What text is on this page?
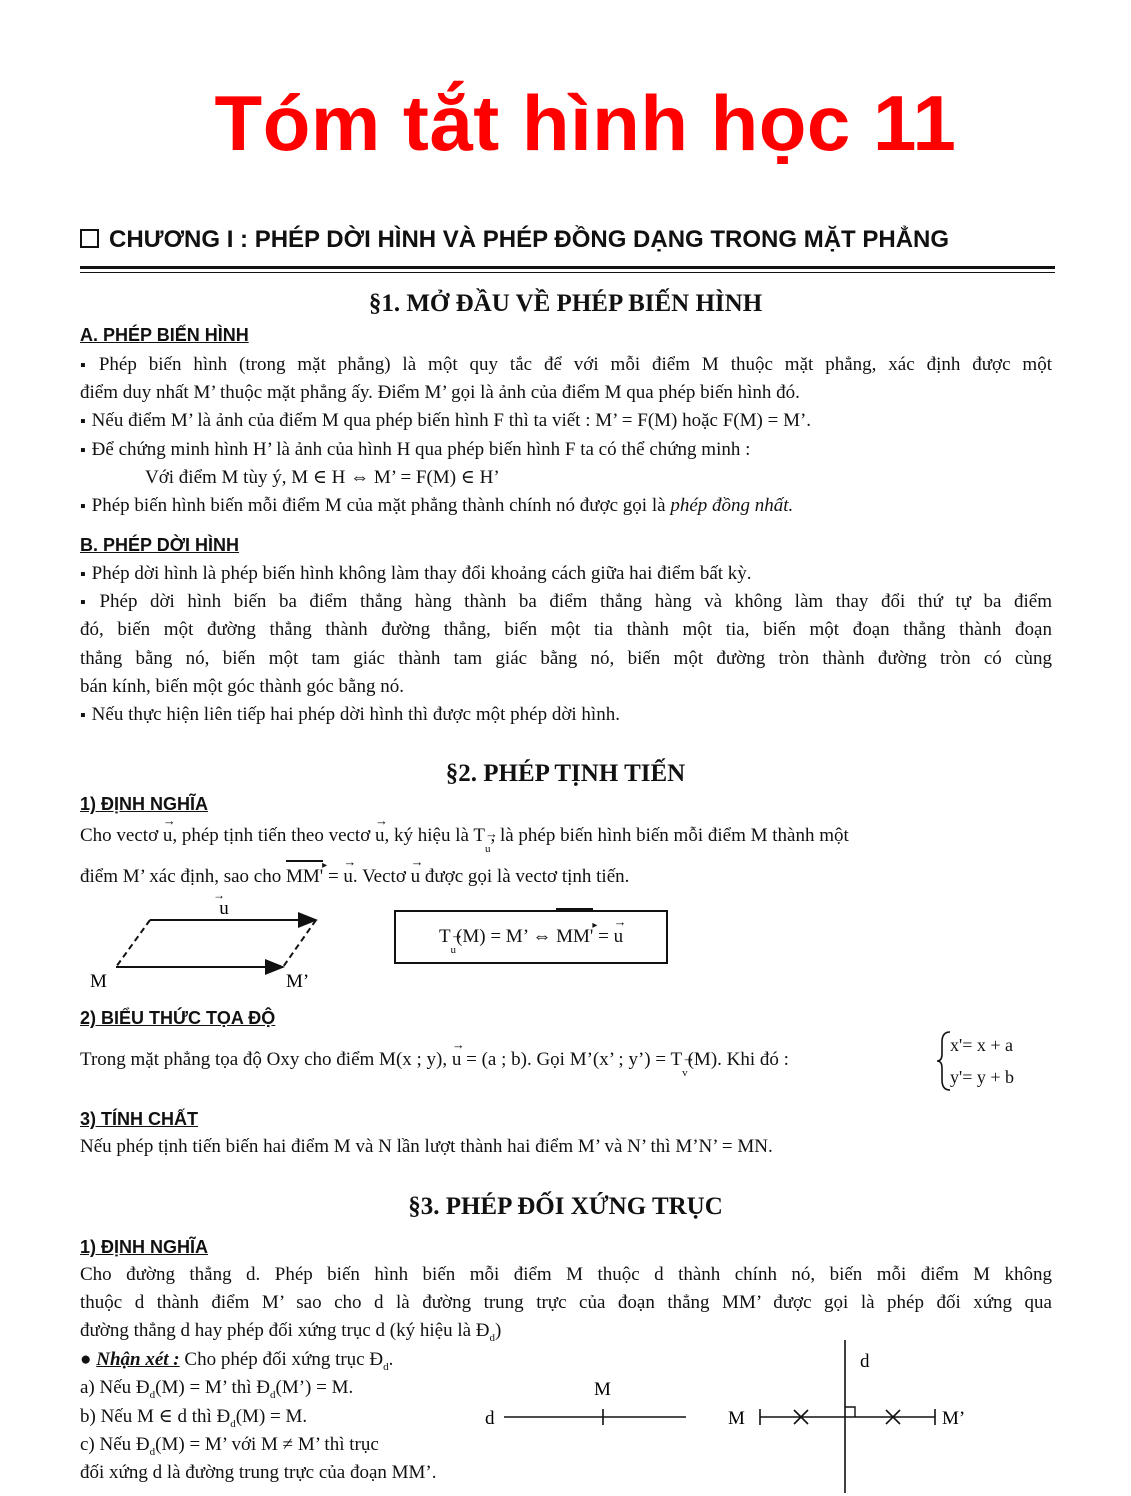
Tóm tắt hình học 11
CHƯƠNG I : PHÉP DỜI HÌNH VÀ PHÉP ĐỒNG DẠNG TRONG MẶT PHẲNG
§1. MỞ ĐẦU VỀ PHÉP BIẾN HÌNH
A. PHÉP BIẾN HÌNH
▪ Phép biến hình (trong mặt phẳng) là một quy tắc để với mỗi điểm M thuộc mặt phẳng, xác định được một
điểm duy nhất M’ thuộc mặt phẳng ấy. Điểm M’ gọi là ảnh của điểm M qua phép biến hình đó.
▪ Nếu điểm M’ là ảnh của điểm M qua phép biến hình F thì ta viết : M’ = F(M) hoặc F(M) = M’.
▪ Để chứng minh hình H’ là ảnh của hình H qua phép biến hình F ta có thể chứng minh :
Với điểm M tùy ý, M ∈ H ⇔ M’ = F(M) ∈ H’
▪ Phép biến hình biến mỗi điểm M của mặt phẳng thành chính nó được gọi là phép đồng nhất.
B. PHÉP DỜI HÌNH
▪ Phép dời hình là phép biến hình không làm thay đổi khoảng cách giữa hai điểm bất kỳ.
▪ Phép dời hình biến ba điểm thẳng hàng thành ba điểm thẳng hàng và không làm thay đổi thứ tự ba điểm
đó, biến một đường thẳng thành đường thẳng, biến một tia thành một tia, biến một đoạn thẳng thành đoạn
thẳng bằng nó, biến một tam giác thành tam giác bằng nó, biến một đường tròn thành đường tròn có cùng
bán kính, biến một góc thành góc bằng nó.
▪ Nếu thực hiện liên tiếp hai phép dời hình thì được một phép dời hình.
§2. PHÉP TỊNH TIẾN
1) ĐỊNH NGHĨA
Cho vectơ → u, phép tịnh tiến theo vectơ → u, ký hiệu là T→ $_u$, là phép biến hình biến mỗi điểm M thành một
điểm M’ xác định, sao cho MM' ▸ = → u. Vectơ → u được gọi là vectơ tịnh tiến.
u
→
M	M’
T→ $_u$(M) = M’ ⇔ MM' ▸ = → u
2) BIỂU THỨC TỌA ĐỘ
Trong mặt phẳng tọa độ Oxy cho điểm M(x ; y), → u = (a ; b). Gọi M’(x’ ; y’) = T→ $_v$(M). Khi đó :
x'= x + a
y'= y + b
3) TÍNH CHẤT
Nếu phép tịnh tiến biến hai điểm M và N lần lượt thành hai điểm M’ và N’ thì M’N’ = MN.
§3. PHÉP ĐỐI XỨNG TRỤC
1) ĐỊNH NGHĨA
Cho đường thẳng d. Phép biến hình biến mỗi điểm M thuộc d thành chính nó, biến mỗi điểm M không
thuộc d thành điểm M’ sao cho d là đường trung trực của đoạn thẳng MM’ được gọi là phép đối xứng qua
đường thẳng d hay phép đối xứng trục d (ký hiệu là $Đ_d$)
● Nhận xét : Cho phép đối xứng trục $Đ_d$.
a) Nếu $Đ_d(M) = M$’ thì $Đ_d(M’) = M$.
b) Nếu M ∈ d thì $Đ_d(M) = M$.
c) Nếu $Đ_d(M) = M$’ với M ≠ M’ thì trục
đối xứng d là đường trung trực của đoạn MM’.
d
M
d
M	M’
